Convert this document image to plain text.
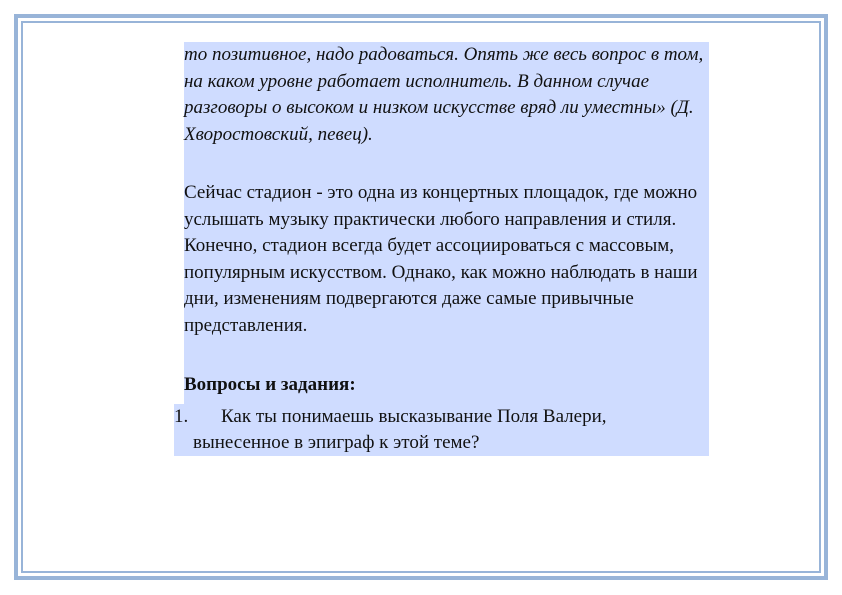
то позитивное, надо радоваться. Опять же весь вопрос в том, на каком уровне работает исполнитель. В данном случае разговоры о высоком и низком искусстве вряд ли уместны» (Д. Хворостовский, певец).

Сейчас стадион - это одна из концертных площадок, где можно услышать музыку практически любого направления и стиля. Конечно, стадион всегда будет ассоциироваться с массовым, популярным искусством. Однако, как можно наблюдать в наши дни, изменениям подвергаются даже самые привычные представления.

Вопросы и задания:

1. Как ты понимаешь высказывание Поля Валери,
вынесенное в эпиграф к этой теме?
